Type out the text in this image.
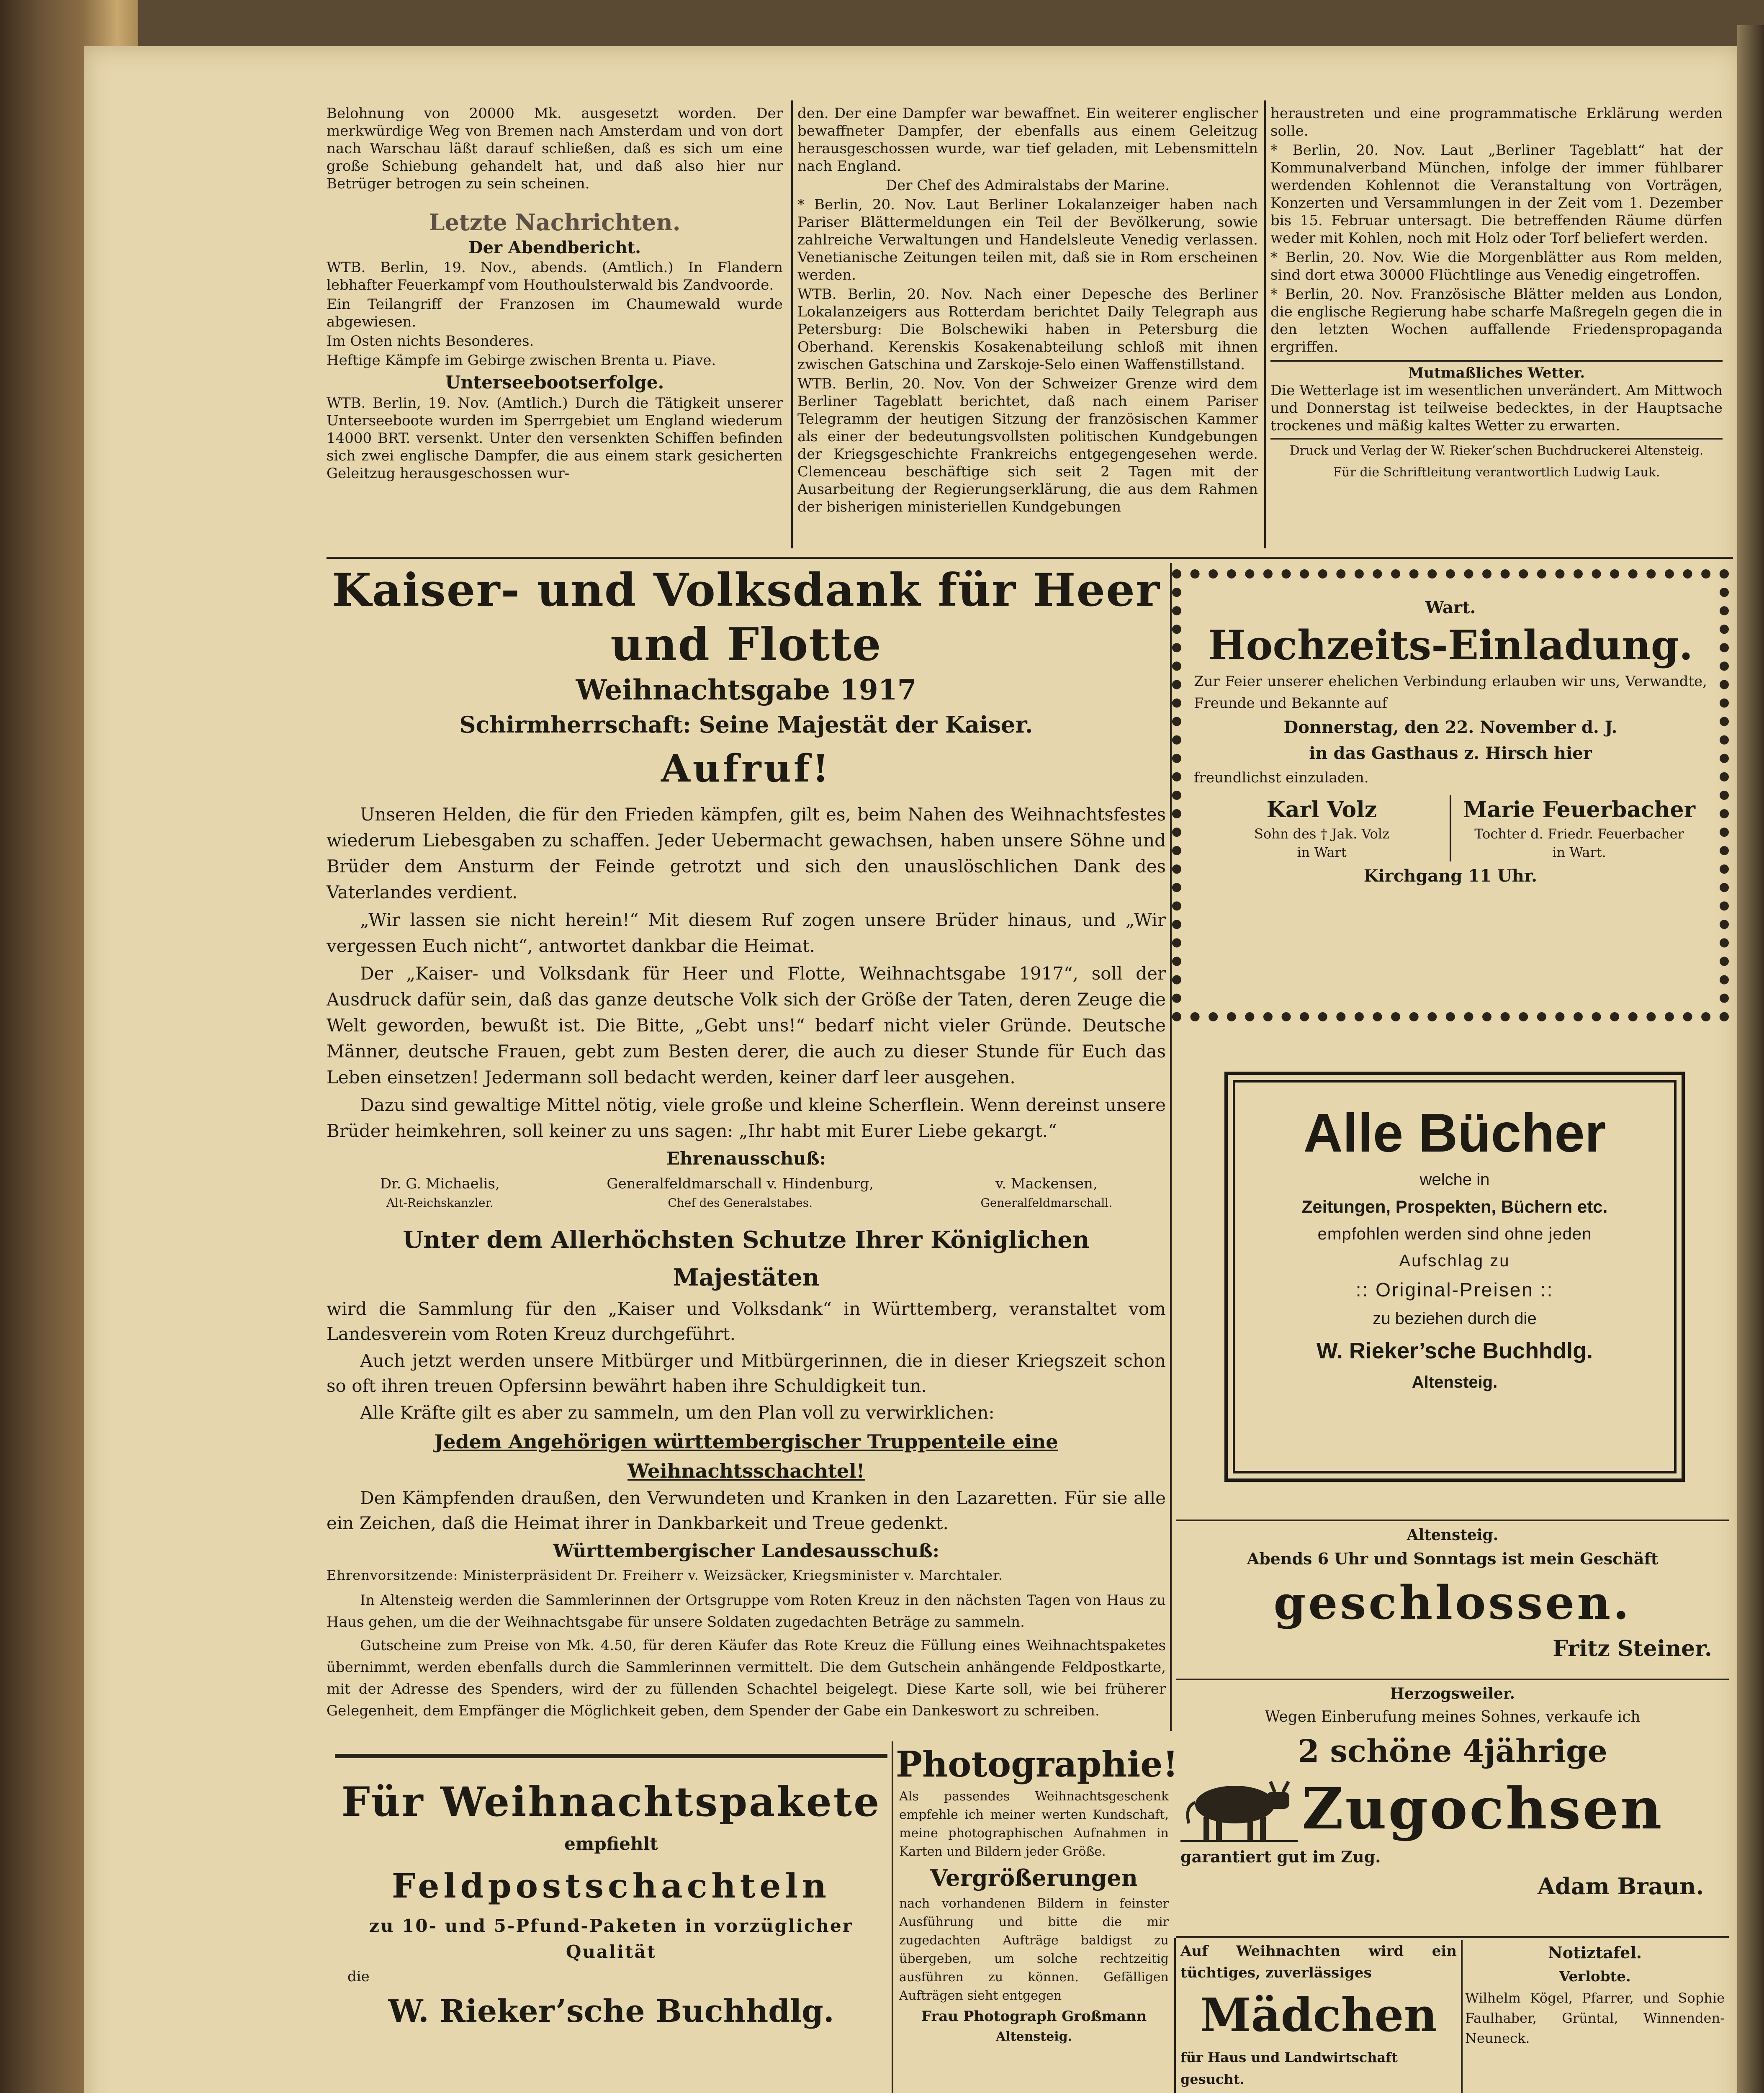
Belohnung von 20000 Mk. ausgesetzt worden. Der merkwürdige Weg von Bremen nach Amsterdam und von dort nach Warschau läßt darauf schließen, daß es sich um eine große Schiebung gehandelt hat, und daß also hier nur Betrüger betrogen zu sein scheinen.

Letzte Nachrichten.
Der Abendbericht.

WTB. Berlin, 19. Nov., abends. (Amtlich.) In Flandern lebhafter Feuerkampf vom Houthoulsterwald bis Zandvoorde.

Ein Teilangriff der Franzosen im Chaumewald wurde abgewiesen.

Im Osten nichts Besonderes.

Heftige Kämpfe im Gebirge zwischen Brenta u. Piave.

Unterseebootserfolge.

WTB. Berlin, 19. Nov. (Amtlich.) Durch die Tätigkeit unserer Unterseeboote wurden im Sperrgebiet um England wiederum 14000 BRT. versenkt. Unter den versenkten Schiffen befinden sich zwei englische Dampfer, die aus einem stark gesicherten Geleitzug herausgeschossen wur-

den. Der eine Dampfer war bewaffnet. Ein weiterer englischer bewaffneter Dampfer, der ebenfalls aus einem Geleitzug herausgeschossen wurde, war tief geladen, mit Lebensmitteln nach England.

Der Chef des Admiralstabs der Marine.

* Berlin, 20. Nov. Laut Berliner Lokalanzeiger haben nach Pariser Blättermeldungen ein Teil der Bevölkerung, sowie zahlreiche Verwaltungen und Handelsleute Venedig verlassen. Venetianische Zeitungen teilen mit, daß sie in Rom erscheinen werden.

WTB. Berlin, 20. Nov. Nach einer Depesche des Berliner Lokalanzeigers aus Rotterdam berichtet Daily Telegraph aus Petersburg: Die Bolschewiki haben in Petersburg die Oberhand. Kerenskis Kosakenabteilung schloß mit ihnen zwischen Gatschina und Zarskoje-Selo einen Waffenstillstand.

WTB. Berlin, 20. Nov. Von der Schweizer Grenze wird dem Berliner Tageblatt berichtet, daß nach einem Pariser Telegramm der heutigen Sitzung der französischen Kammer als einer der bedeutungsvollsten politischen Kundgebungen der Kriegsgeschichte Frankreichs entgegengesehen werde. Clemenceau beschäftige sich seit 2 Tagen mit der Ausarbeitung der Regierungserklärung, die aus dem Rahmen der bisherigen ministeriellen Kundgebungen

heraustreten und eine programmatische Erklärung werden solle.

* Berlin, 20. Nov. Laut „Berliner Tageblatt“ hat der Kommunalverband München, infolge der immer fühlbarer werdenden Kohlennot die Veranstaltung von Vorträgen, Konzerten und Versammlungen in der Zeit vom 1. Dezember bis 15. Februar untersagt. Die betreffenden Räume dürfen weder mit Kohlen, noch mit Holz oder Torf beliefert werden.

* Berlin, 20. Nov. Wie die Morgenblätter aus Rom melden, sind dort etwa 30000 Flüchtlinge aus Venedig eingetroffen.

* Berlin, 20. Nov. Französische Blätter melden aus London, die englische Regierung habe scharfe Maßregeln gegen die in den letzten Wochen auffallende Friedenspropaganda ergriffen.

Mutmaßliches Wetter.

Die Wetterlage ist im wesentlichen unverändert. Am Mittwoch und Donnerstag ist teilweise bedecktes, in der Hauptsache trockenes und mäßig kaltes Wetter zu erwarten.

Druck und Verlag der W. Rieker’schen Buchdruckerei Altensteig.
Für die Schriftleitung verantwortlich Ludwig Lauk.
Kaiser- und Volksdank für Heer und Flotte
Weihnachtsgabe 1917
Schirmherrschaft: Seine Majestät der Kaiser.
Aufruf!

Unseren Helden, die für den Frieden kämpfen, gilt es, beim Nahen des Weihnachtsfestes wiederum Liebesgaben zu schaffen. Jeder Uebermacht gewachsen, haben unsere Söhne und Brüder dem Ansturm der Feinde getrotzt und sich den unauslöschlichen Dank des Vaterlandes verdient.

„Wir lassen sie nicht herein!“ Mit diesem Ruf zogen unsere Brüder hinaus, und „Wir vergessen Euch nicht“, antwortet dankbar die Heimat.

Der „Kaiser- und Volksdank für Heer und Flotte, Weihnachtsgabe 1917“, soll der Ausdruck dafür sein, daß das ganze deutsche Volk sich der Größe der Taten, deren Zeuge die Welt geworden, bewußt ist. Die Bitte, „Gebt uns!“ bedarf nicht vieler Gründe. Deutsche Männer, deutsche Frauen, gebt zum Besten derer, die auch zu dieser Stunde für Euch das Leben einsetzen! Jedermann soll bedacht werden, keiner darf leer ausgehen.

Dazu sind gewaltige Mittel nötig, viele große und kleine Scherflein. Wenn dereinst unsere Brüder heimkehren, soll keiner zu uns sagen: „Ihr habt mit Eurer Liebe gekargt.“

Ehrenausschuß:
Dr. G. Michaelis,
Alt-Reichskanzler.
Generalfeldmarschall v. Hindenburg,
Chef des Generalstabes.
v. Mackensen,
Generalfeldmarschall.
Unter dem Allerhöchsten Schutze Ihrer Königlichen Majestäten

wird die Sammlung für den „Kaiser und Volksdank“ in Württemberg, veranstaltet vom Landesverein vom Roten Kreuz durchgeführt.

Auch jetzt werden unsere Mitbürger und Mitbürgerinnen, die in dieser Kriegszeit schon so oft ihren treuen Opfersinn bewährt haben ihre Schuldigkeit tun.

Alle Kräfte gilt es aber zu sammeln, um den Plan voll zu verwirklichen:

Jedem Angehörigen württembergischer Truppenteile eine Weihnachtsschachtel!

Den Kämpfenden draußen, den Verwundeten und Kranken in den Lazaretten. Für sie alle ein Zeichen, daß die Heimat ihrer in Dankbarkeit und Treue gedenkt.

Württembergischer Landesausschuß:
Ehrenvorsitzende: Ministerpräsident Dr. Freiherr v. Weizsäcker, Kriegsminister v. Marchtaler.

In Altensteig werden die Sammlerinnen der Ortsgruppe vom Roten Kreuz in den nächsten Tagen von Haus zu Haus gehen, um die der Weihnachtsgabe für unsere Soldaten zugedachten Beträge zu sammeln.

Gutscheine zum Preise von Mk. 4.50, für deren Käufer das Rote Kreuz die Füllung eines Weihnachtspaketes übernimmt, werden ebenfalls durch die Sammlerinnen vermittelt. Die dem Gutschein anhängende Feldpostkarte, mit der Adresse des Spenders, wird der zu füllenden Schachtel beigelegt. Diese Karte soll, wie bei früherer Gelegenheit, dem Empfänger die Möglichkeit geben, dem Spender der Gabe ein Dankeswort zu schreiben.

Wart.
Hochzeits-Einladung.
Zur Feier unserer ehelichen Verbindung erlauben wir uns, Verwandte, Freunde und Bekannte auf
Donnerstag, den 22. November d. J.
in das Gasthaus z. Hirsch hier
freundlichst einzuladen.
Karl Volz
Sohn des † Jak. Volz
in Wart
Marie Feuerbacher
Tochter d. Friedr. Feuerbacher
in Wart.
Kirchgang 11 Uhr.
Alle Bücher
welche in
Zeitungen, Prospekten, Büchern etc.
empfohlen werden sind ohne jeden
Aufschlag zu
:: Original-Preisen ::
zu beziehen durch die
W. Rieker’sche Buchhdlg.
Altensteig.
Altensteig.
Abends 6 Uhr und Sonntags ist mein Geschäft
geschlossen.
Fritz Steiner.
Herzogsweiler.
Wegen Einberufung meines Sohnes, verkaufe ich
2 schöne 4jährige
Zugochsen
garantiert gut im Zug.
Adam Braun.
Für Weihnachtspakete
empfiehlt
Feldpostschachteln
zu 10- und 5-Pfund-Paketen in vorzüglicher Qualität
die
W. Rieker’sche Buchhdlg.
Photographie!
Als passendes Weihnachtsgeschenk empfehle ich meiner werten Kundschaft, meine photographischen Aufnahmen in Karten und Bildern jeder Größe.
Vergrößerungen
nach vorhandenen Bildern in feinster Ausführung und bitte die mir zugedachten Aufträge baldigst zu übergeben, um solche rechtzeitig ausführen zu können. Gefälligen Aufträgen sieht entgegen
Frau Photograph Großmann
Altensteig.
Auf Weihnachten wird ein tüchtiges, zuverlässiges
Mädchen
für Haus und Landwirtschaft gesucht.
Notiztafel.
Verlobte.
Wilhelm Kögel, Pfarrer, und Sophie Faulhaber, Grüntal, Winnenden-Neuneck.
